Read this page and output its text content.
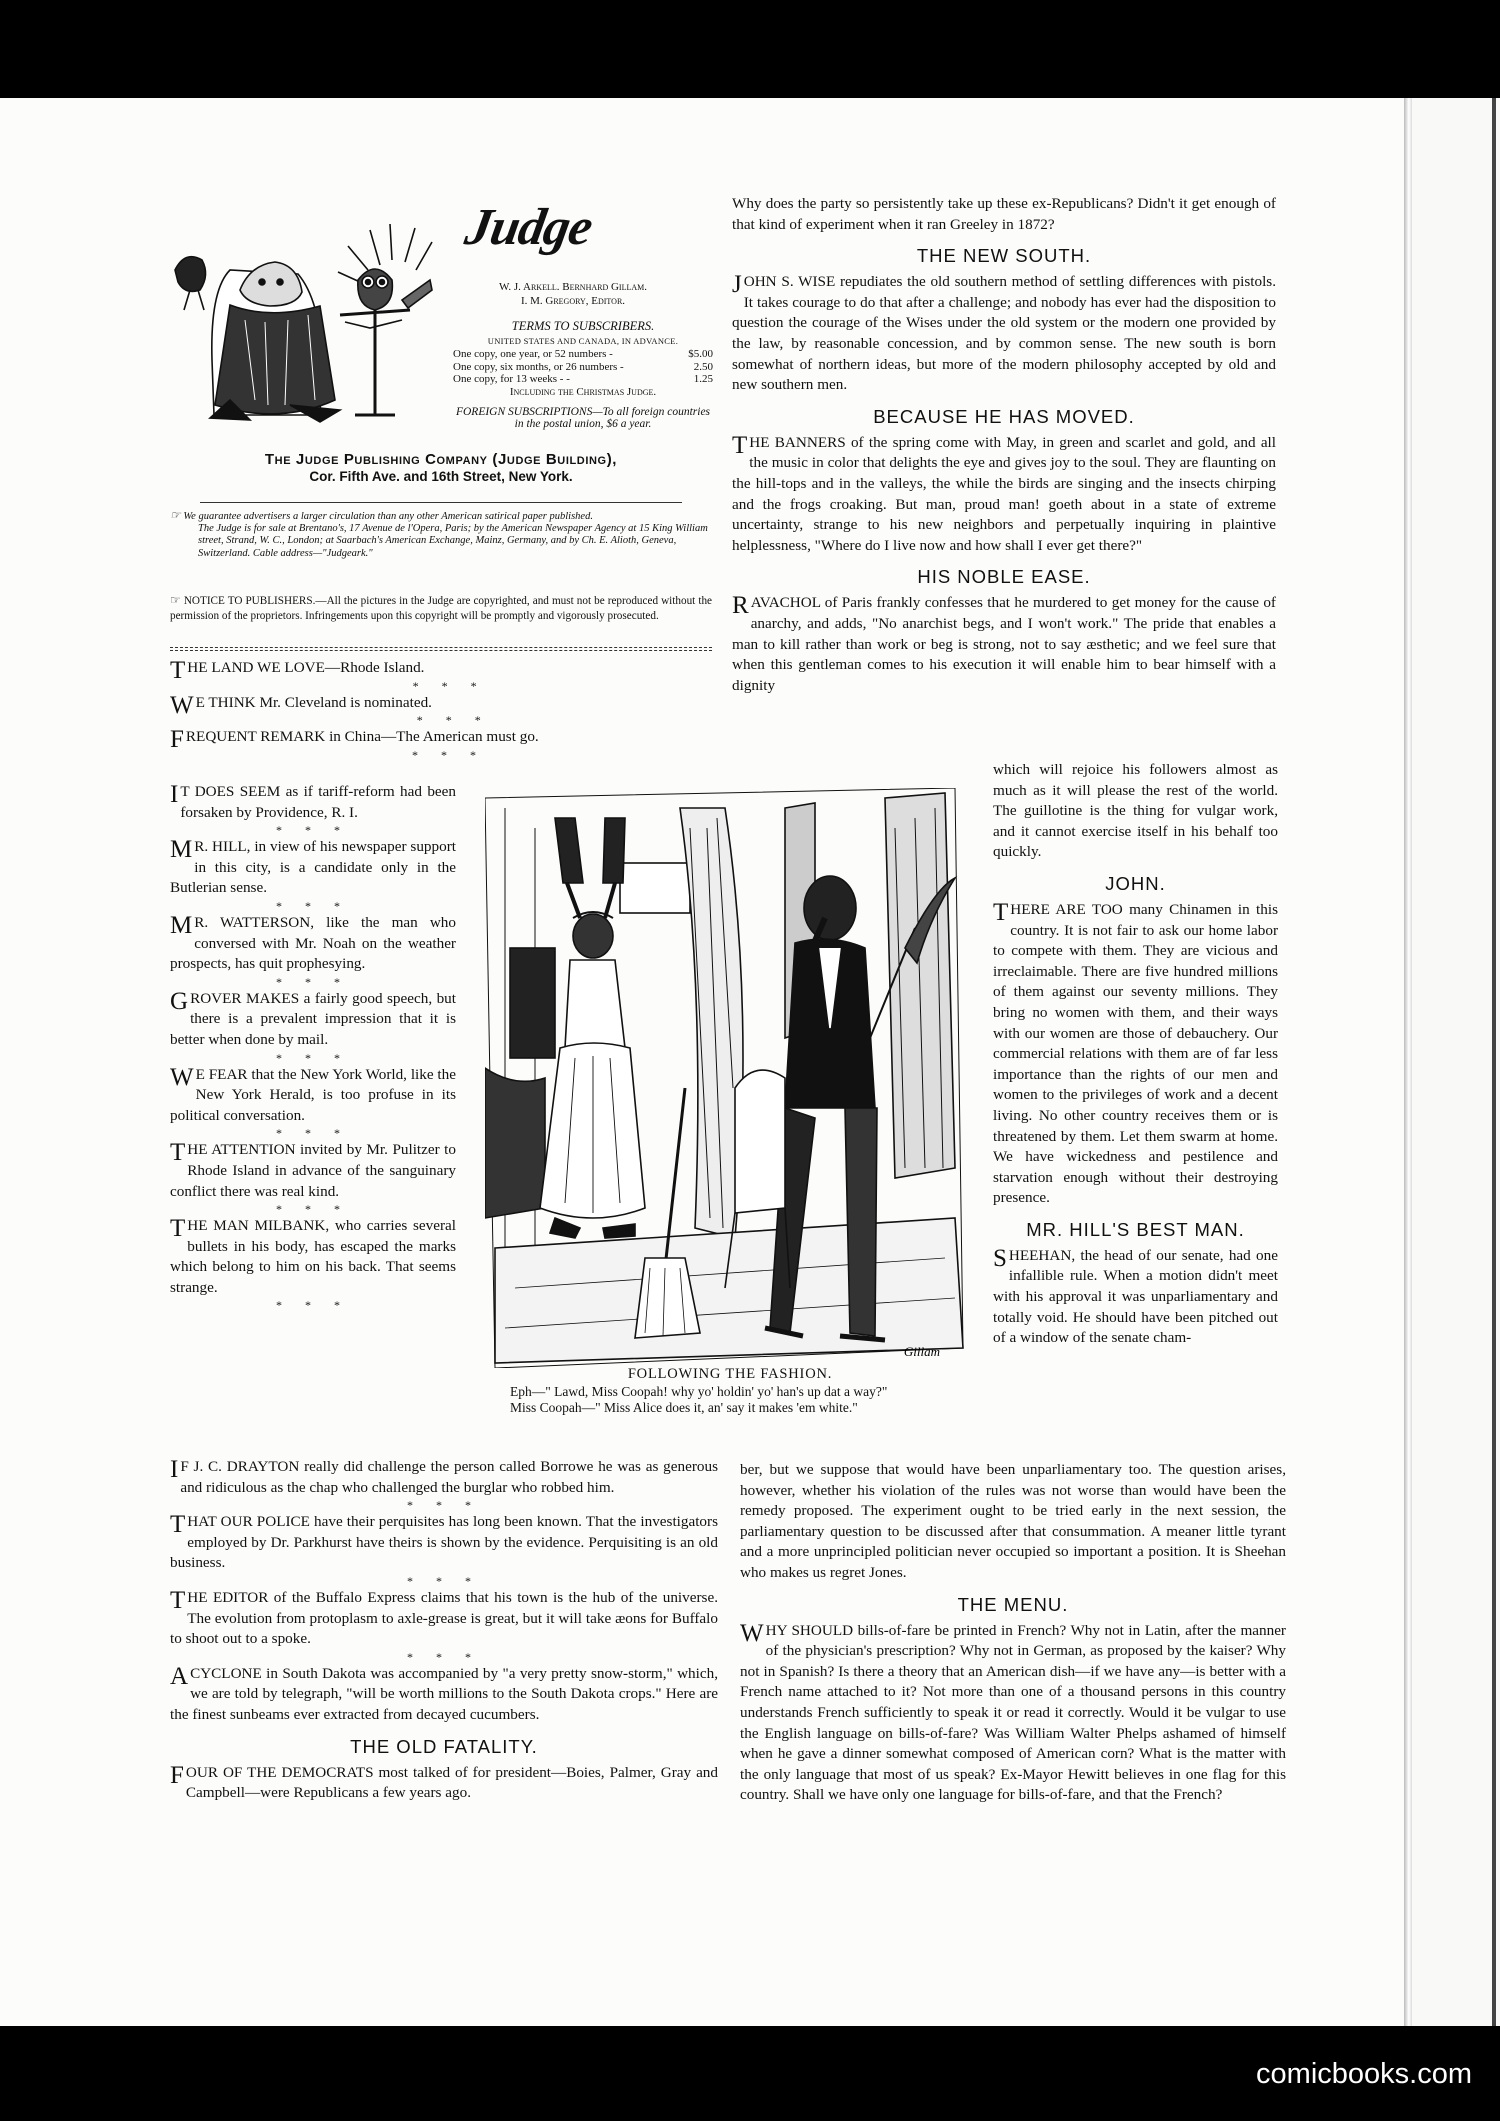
Judge
W. J. Arkell. Bernhard Gillam.
I. M. Gregory, Editor.
TERMS TO SUBSCRIBERS.
UNITED STATES AND CANADA, IN ADVANCE.
One copy, one year, or 52 numbers -	$5.00
One copy, six months, or 26 numbers -	2.50
One copy, for 13 weeks - -	1.25
Including the Christmas Judge.
FOREIGN SUBSCRIPTIONS—To all foreign countries in the postal union, $6 a year.
The Judge Publishing Company (Judge Building),
Cor. Fifth Ave. and 16th Street, New York.

☞ We guarantee advertisers a larger circulation than any other American satirical paper published.

The Judge is for sale at Brentano's, 17 Avenue de l'Opera, Paris; by the American Newspaper Agency at 15 King William street, Strand, W. C., London; at Saarbach's American Exchange, Mainz, Germany, and by Ch. E. Alioth, Geneva, Switzerland. Cable address—"Judgeark."

☞ NOTICE TO PUBLISHERS.—All the pictures in the Judge are copyrighted, and must not be reproduced without the permission of the proprietors. Infringements upon this copyright will be promptly and vigorously prosecuted.

THE LAND WE LOVE—Rhode Island.

* * *

W E THINK Mr. Cleveland is nominated.

* * *

FREQUENT REMARK in China—The American must go.

* * *

I T DOES SEEM as if tariff-reform had been forsaken by Providence, R. I.

* * *

M R. HILL, in view of his newspaper support in this city, is a candidate only in the Butlerian sense.

* * *

M R. WATTERSON, like the man who conversed with Mr. Noah on the weather prospects, has quit prophesying.

* * *

GROVER MAKES a fairly good speech, but there is a prevalent impression that it is better when done by mail.

* * *

W E FEAR that the New York World, like the New York Herald, is too profuse in its political conversation.

* * *

THE ATTENTION invited by Mr. Pulitzer to Rhode Island in advance of the sanguinary conflict there was real kind.

* * *

THE MAN MILBANK, who carries several bullets in his body, has escaped the marks which belong to him on his back. That seems strange.

* * *
Gillam
FOLLOWING THE FASHION.
Eph—" Lawd, Miss Coopah! why yo' holdin' yo' han's up dat a way?"
Miss Coopah—" Miss Alice does it, an' say it makes 'em white."

I F J. C. DRAYTON really did challenge the person called Borrowe he was as generous and ridiculous as the chap who challenged the burglar who robbed him.

* * *

THAT OUR POLICE have their perquisites has long been known. That the investigators employed by Dr. Parkhurst have theirs is shown by the evidence. Perquisiting is an old business.

* * *

THE EDITOR of the Buffalo Express claims that his town is the hub of the universe. The evolution from protoplasm to axle-grease is great, but it will take æons for Buffalo to shoot out to a spoke.

* * *

A CYCLONE in South Dakota was accompanied by "a very pretty snow-storm," which, we are told by telegraph, "will be worth millions to the South Dakota crops." Here are the finest sunbeams ever extracted from decayed cucumbers.

THE OLD FATALITY.

FOUR OF THE DEMOCRATS most talked of for president—Boies, Palmer, Gray and Campbell—were Republicans a few years ago.

Why does the party so persistently take up these ex-Republicans? Didn't it get enough of that kind of experiment when it ran Greeley in 1872?

THE NEW SOUTH.

JOHN S. WISE repudiates the old southern method of settling differences with pistols. It takes courage to do that after a challenge; and nobody has ever had the disposition to question the courage of the Wises under the old system or the modern one provided by the law, by reasonable concession, and by common sense. The new south is born somewhat of northern ideas, but more of the modern philosophy accepted by old and new southern men.

BECAUSE HE HAS MOVED.

THE BANNERS of the spring come with May, in green and scarlet and gold, and all the music in color that delights the eye and gives joy to the soul. They are flaunting on the hill-tops and in the valleys, the while the birds are singing and the insects chirping and the frogs croaking. But man, proud man! goeth about in a state of extreme uncertainty, strange to his new neighbors and perpetually inquiring in plaintive helplessness, "Where do I live now and how shall I ever get there?"

HIS NOBLE EASE.

RAVACHOL of Paris frankly confesses that he murdered to get money for the cause of anarchy, and adds, "No anarchist begs, and I won't work." The pride that enables a man to kill rather than work or beg is strong, not to say æsthetic; and we feel sure that when this gentleman comes to his execution it will enable him to bear himself with a dignity

which will rejoice his followers almost as much as it will please the rest of the world. The guillotine is the thing for vulgar work, and it cannot exercise itself in his behalf too quickly.

JOHN.

THERE ARE TOO many Chinamen in this country. It is not fair to ask our home labor to compete with them. They are vicious and irreclaimable. There are five hundred millions of them against our seventy millions. They bring no women with them, and their ways with our women are those of debauchery. Our commercial relations with them are of far less importance than the rights of our men and women to the privileges of work and a decent living. No other country receives them or is threatened by them. Let them swarm at home. We have wickedness and pestilence and starvation enough without their destroying presence.

MR. HILL'S BEST MAN.

SHEEHAN, the head of our senate, had one infallible rule. When a motion didn't meet with his approval it was unparliamentary and totally void. He should have been pitched out of a window of the senate cham-

ber, but we suppose that would have been unparliamentary too. The question arises, however, whether his violation of the rules was not worse than would have been the remedy proposed. The experiment ought to be tried early in the next session, the parliamentary question to be discussed after that consummation. A meaner little tyrant and a more unprincipled politician never occupied so important a position. It is Sheehan who makes us regret Jones.

THE MENU.

WHY SHOULD bills-of-fare be printed in French? Why not in Latin, after the manner of the physician's prescription? Why not in German, as proposed by the kaiser? Why not in Spanish? Is there a theory that an American dish—if we have any—is better with a French name attached to it? Not more than one of a thousand persons in this country understands French sufficiently to speak it or read it correctly. Would it be vulgar to use the English language on bills-of-fare? Was William Walter Phelps ashamed of himself when he gave a dinner somewhat composed of American corn? What is the matter with the only language that most of us speak? Ex-Mayor Hewitt believes in one flag for this country. Shall we have only one language for bills-of-fare, and that the French?

comicbooks.com
